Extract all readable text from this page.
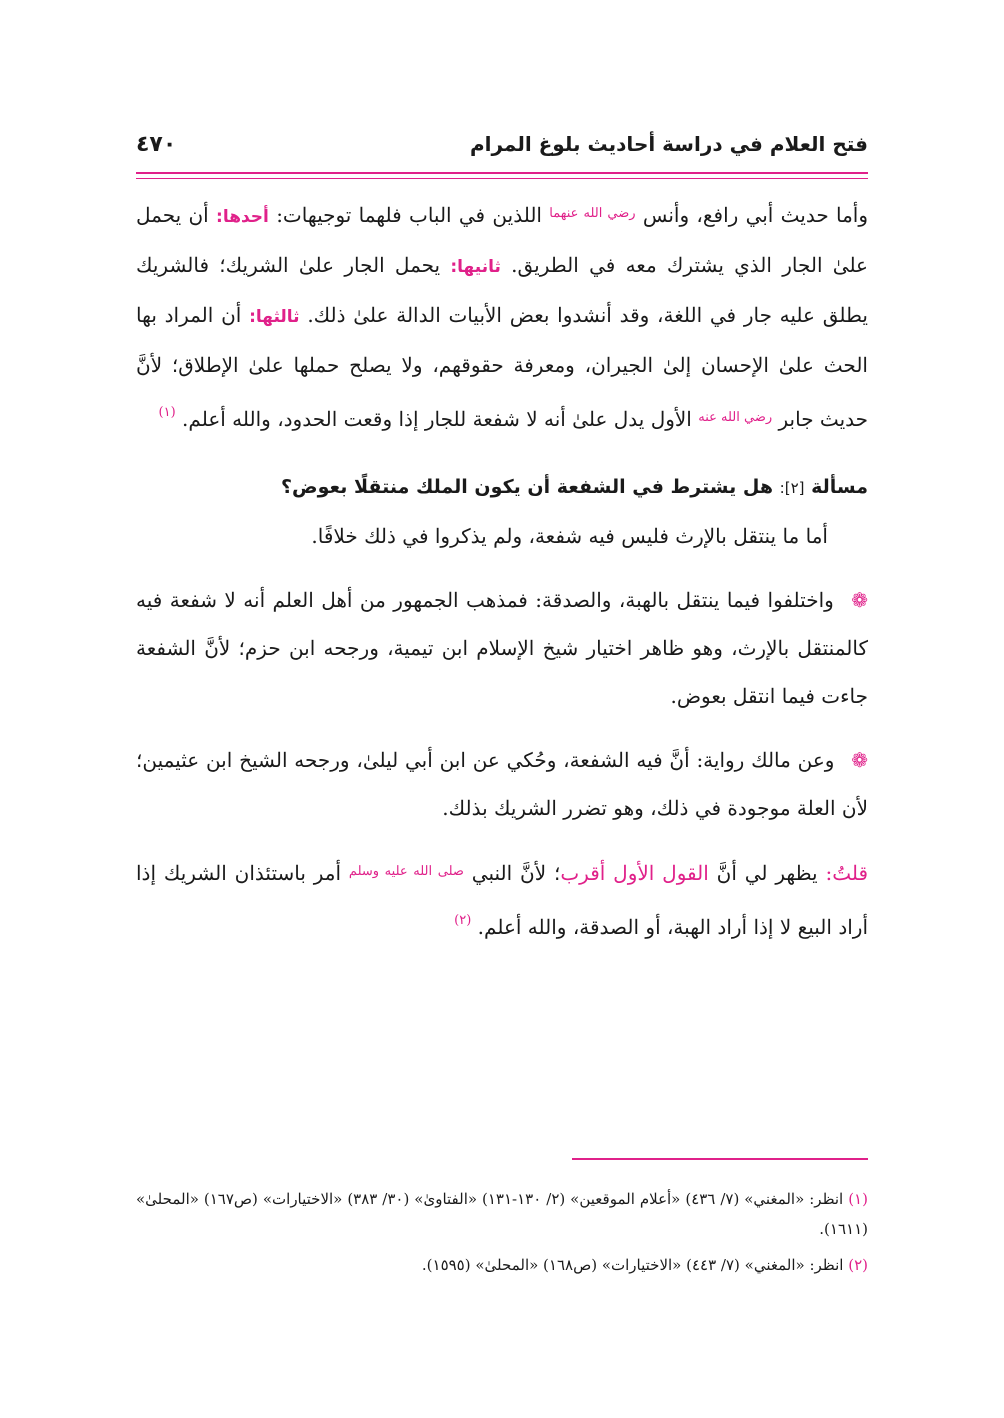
٤٧٠	فتح العلام في دراسة أحاديث بلوغ المرام

وأما حديث أبي رافع، وأنس $^{رضي الله عنهما}$ اللذين في الباب فلهما توجيهات: أحدها: أن يحمل علىٰ الجار الذي يشترك معه في الطريق. ثانيها: يحمل الجار علىٰ الشريك؛ فالشريك يطلق عليه جار في اللغة، وقد أنشدوا بعض الأبيات الدالة علىٰ ذلك. ثالثها: أن المراد بها الحث علىٰ الإحسان إلىٰ الجيران، ومعرفة حقوقهم، ولا يصلح حملها علىٰ الإطلاق؛ لأنَّ حديث جابر $^{رضي الله عنه}$ الأول يدل علىٰ أنه لا شفعة للجار إذا وقعت الحدود، والله أعلم. $^{(١)}$

مسألة [٢]: هل يشترط في الشفعة أن يكون الملك منتقلًا بعوض؟

أما ما ينتقل بالإرث فليس فيه شفعة، ولم يذكروا في ذلك خلافًا.

❁ واختلفوا فيما ينتقل بالهبة، والصدقة: فمذهب الجمهور من أهل العلم أنه لا شفعة فيه كالمنتقل بالإرث، وهو ظاهر اختيار شيخ الإسلام ابن تيمية، ورجحه ابن حزم؛ لأنَّ الشفعة جاءت فيما انتقل بعوض.

❁ وعن مالك رواية: أنَّ فيه الشفعة، وحُكي عن ابن أبي ليلىٰ، ورجحه الشيخ ابن عثيمين؛ لأن العلة موجودة في ذلك، وهو تضرر الشريك بذلك.

قلتُ: يظهر لي أنَّ القول الأول أقرب؛ لأنَّ النبي $^{صلى الله عليه وسلم}$ أمر باستئذان الشريك إذا أراد البيع لا إذا أراد الهبة، أو الصدقة، والله أعلم. $^{(٢)}$

(١) انظر: «المغني» (٧/ ٤٣٦) «أعلام الموقعين» (٢/ ١٣٠-١٣١) «الفتاوىٰ» (٣٠/ ٣٨٣) «الاختيارات» (ص١٦٧) «المحلىٰ» (١٦١١).

(٢) انظر: «المغني» (٧/ ٤٤٣) «الاختيارات» (ص١٦٨) «المحلىٰ» (١٥٩٥).
